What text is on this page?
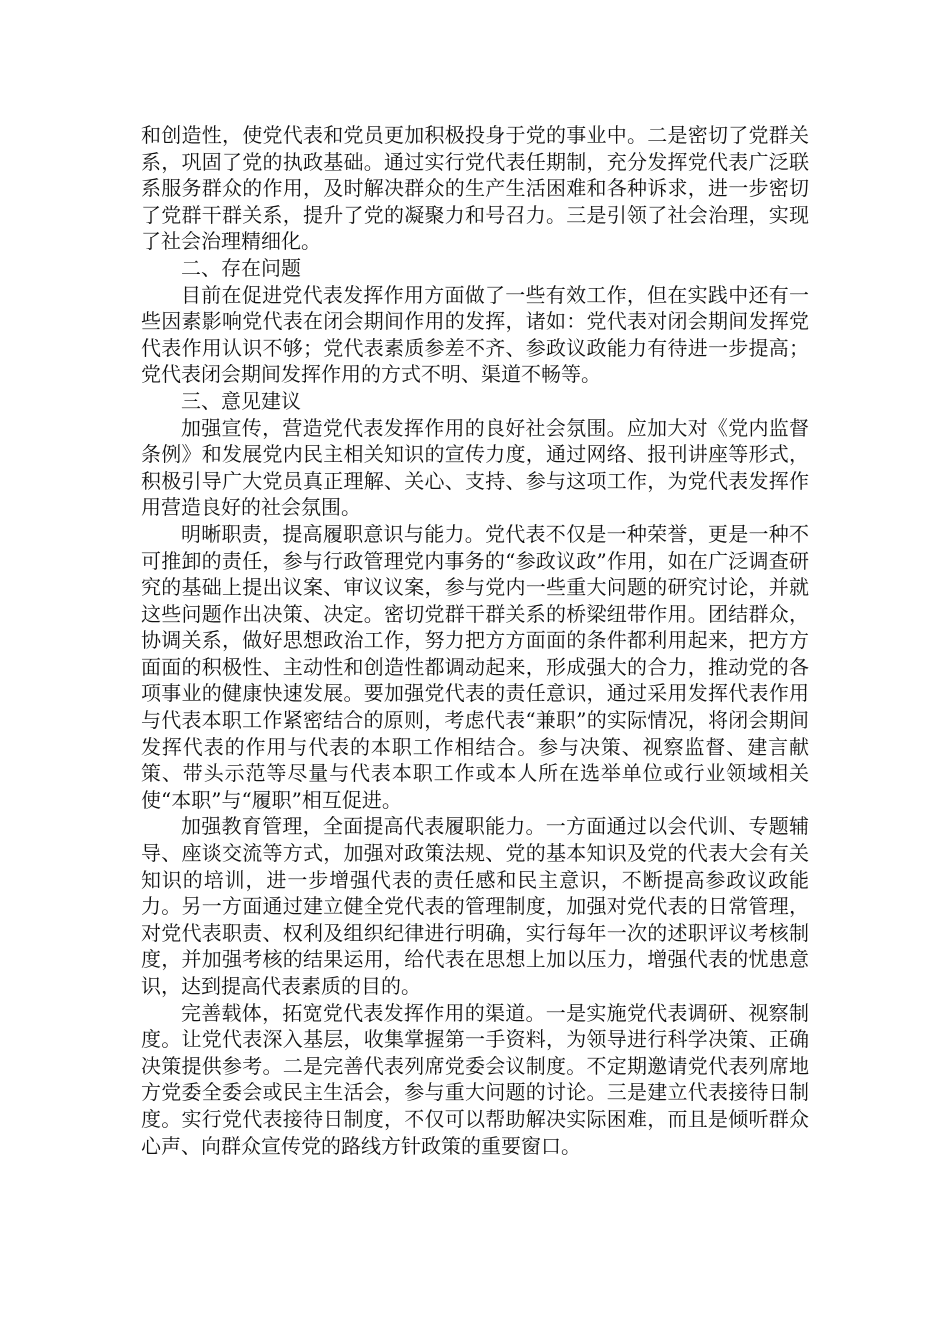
和创造性，使党代表和党员更加积极投身于党的事业中。二是密切了党群关系，巩固了党的执政基础。通过实行党代表任期制，充分发挥党代表广泛联系服务群众的作用，及时解决群众的生产生活困难和各种诉求，进一步密切了党群干群关系，提升了党的凝聚力和号召力。三是引领了社会治理，实现了社会治理精细化。

二、存在问题

目前在促进党代表发挥作用方面做了一些有效工作，但在实践中还有一些因素影响党代表在闭会期间作用的发挥，诸如：党代表对闭会期间发挥党代表作用认识不够；党代表素质参差不齐、参政议政能力有待进一步提高；党代表闭会期间发挥作用的方式不明、渠道不畅等。

三、意见建议

加强宣传，营造党代表发挥作用的良好社会氛围。应加大对《党内监督条例》和发展党内民主相关知识的宣传力度，通过网络、报刊讲座等形式，积极引导广大党员真正理解、关心、支持、参与这项工作，为党代表发挥作用营造良好的社会氛围。

明晰职责，提高履职意识与能力。党代表不仅是一种荣誉，更是一种不可推卸的责任，参与行政管理党内事务的“参政议政”作用，如在广泛调查研究的基础上提出议案、审议议案，参与党内一些重大问题的研究讨论，并就这些问题作出决策、决定。密切党群干群关系的桥梁纽带作用。团结群众，协调关系，做好思想政治工作，努力把方方面面的条件都利用起来，把方方面面的积极性、主动性和创造性都调动起来，形成强大的合力，推动党的各项事业的健康快速发展。要加强党代表的责任意识，通过采用发挥代表作用与代表本职工作紧密结合的原则，考虑代表“兼职”的实际情况，将闭会期间发挥代表的作用与代表的本职工作相结合。参与决策、视察监督、建言献策、带头示范等尽量与代表本职工作或本人所在选举单位或行业领域相关使“本职”与“履职”相互促进。

加强教育管理，全面提高代表履职能力。一方面通过以会代训、专题辅导、座谈交流等方式，加强对政策法规、党的基本知识及党的代表大会有关知识的培训，进一步增强代表的责任感和民主意识，不断提高参政议政能力。另一方面通过建立健全党代表的管理制度，加强对党代表的日常管理，对党代表职责、权利及组织纪律进行明确，实行每年一次的述职评议考核制度，并加强考核的结果运用，给代表在思想上加以压力，增强代表的忧患意识，达到提高代表素质的目的。

完善载体，拓宽党代表发挥作用的渠道。一是实施党代表调研、视察制度。让党代表深入基层，收集掌握第一手资料，为领导进行科学决策、正确决策提供参考。二是完善代表列席党委会议制度。不定期邀请党代表列席地方党委全委会或民主生活会，参与重大问题的讨论。三是建立代表接待日制度。实行党代表接待日制度，不仅可以帮助解决实际困难，而且是倾听群众心声、向群众宣传党的路线方针政策的重要窗口。
